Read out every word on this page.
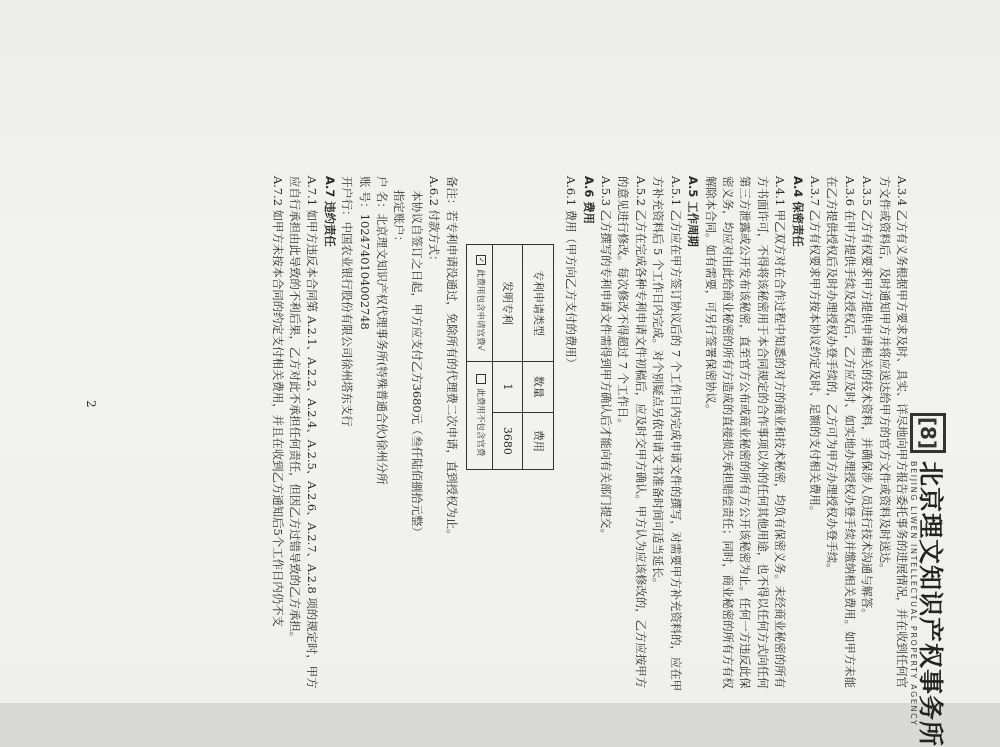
[8]
北京理文知识产权事务所
BEIJING LIWEN INTELLECTUAL PROPERTY AGENCY

A.3.4 乙方有义务根据甲方要求及时、具实、详尽地向甲方报告委托事务的进展情况，并在收到任何官方文件或资料后，及时通知甲方并将应送达给甲方的官方文件或资料及时送达。

A.3.5 乙方有权要求甲方提供申请相关的技术资料，并确保涉人员进行技术沟通与解答。

A.3.6 在甲方提供手续及授权后，乙方应及时、如实地办理授权办登手续并缴纳相关费用。如甲方未能在乙方提供授权后及时办理授权办登手续的，乙方可为甲方办理授权办登手续。

A.3.7 乙方有权要求甲方按本协议约定及时、足额的支付相关费用。

A.4 保密责任

A.4.1 甲乙双方对在合作过程中知悉的对方的商业和技术秘密，均负有保密义务。未经商业秘密的所有方书面许可，不得将该秘密用于本合同规定的合作事项以外的任何其他用途，也不得以任何方式向任何第三方泄露或公开发布该秘密，直至官方公布或商业秘密的所有方公开该秘密为止。任何一方违反此保密义务，均应对由此给商业秘密的所有方造成的直接损失承担赔偿责任；同时，商业秘密的所有方有权解除本合同。如有需要，可另行签署保密协议。

A.5 工作周期

A.5.1 乙方应在甲方签订协议后的 7 个工作日内完成申请文件的撰写，对需要甲方补充资料的，应在甲方补充资料后 5 个工作日内完成。对个别疑点另依申请文书准备时间可适当延长。

A.5.2 乙方在完成各种专利申请文件初稿后，应及时交甲方确认。甲方认为应该修改的，乙方应按甲方的意见进行修改。每次修改不得超过 7 个工作日。

A.5.3 乙方撰写的专利申请文件需得到甲方确认后才能向有关部门提交。

A.6 费用

A.6.1 费用（甲方向乙方支付的费用）

专利申请类型	数量	费用
发明专利	1	3680
✓此费用包含申请官费√	此费用不包含官费	

备注：若专利申请没通过，免除所有的代理费二次申请，直到授权为止。

A.6.2 付款方式：

本协议自签订之日起，甲方应支付乙方3680元（叁仟陆佰捌拾元整）

指定账户：

户 名：北京理文知识产权代理事务所(特殊普通合伙)徐州分所

账 号：1024740104002748

开户行：中国农业银行股份有限公司徐州塔东支行

A.7 违约责任

A.7.1 如甲方违反本合同第 A.2.1、A.2.2、A.2.4、A.2.5、A.2.6、A.2.7、A.2.8 项的规定时，甲方应自行承担由此导致的不利后果，乙方对此不承担任何责任，但因乙方过错导致的乙方承担。

A.7.2 如甲方未按本合同的约定支付相关费用，并且在收到乙方通知后5个工作日内仍不支

2
